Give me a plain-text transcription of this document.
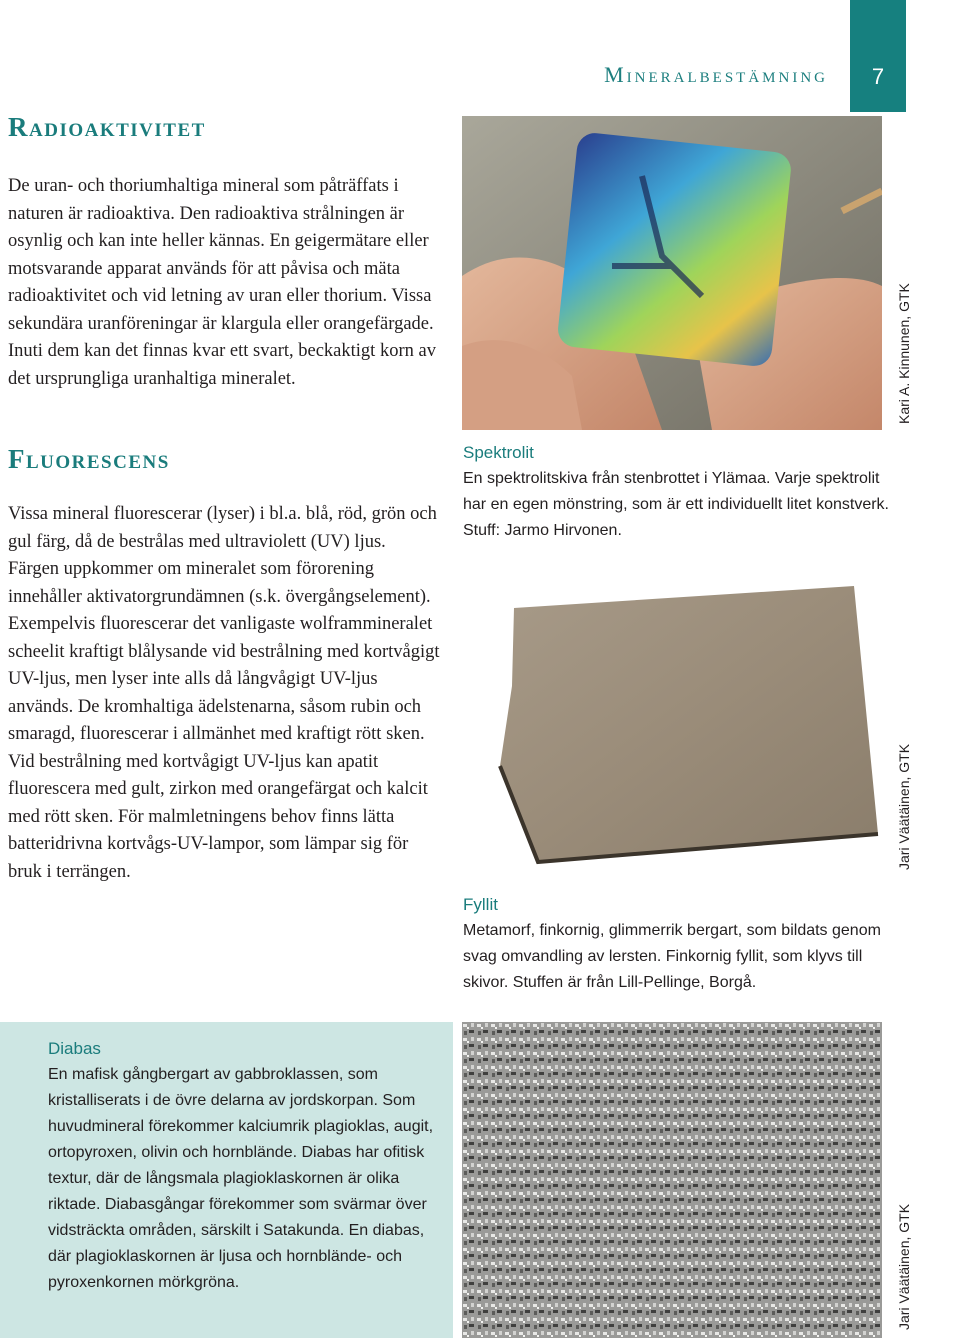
Mineralbestämning	7
Radioaktivitet

De uran- och thoriumhaltiga mineral som påträffats i naturen är radioaktiva. Den radioaktiva strålningen är osynlig och kan inte heller kännas. En geigermätare eller motsvarande apparat används för att påvisa och mäta radioaktivitet och vid letning av uran eller thorium. Vissa sekundära uranföreningar är klargula eller orangefärgade. Inuti dem kan det finnas kvar ett svart, beckaktigt korn av det ursprungliga uranhaltiga mineralet.

Fluorescens

Vissa mineral fluorescerar (lyser) i bl.a. blå, röd, grön och gul färg, då de bestrålas med ultraviolett (UV) ljus. Färgen uppkommer om mineralet som förorening innehåller aktivatorgrundämnen (s.k. övergångselement). Exempelvis fluorescerar det vanligaste wolframmineralet scheelit kraftigt blålysande vid bestrålning med kortvågigt UV-ljus, men lyser inte alls då långvågigt UV-ljus används. De kromhaltiga ädelstenarna, såsom rubin och smaragd, fluorescerar i allmänhet med kraftigt rött sken. Vid bestrålning med kortvågigt UV-ljus kan apatit fluorescera med gult, zirkon med orangefärgat och kalcit med rött sken. För malmletningens behov finns lätta batteridrivna kortvågs-UV-lampor, som lämpar sig för bruk i terrängen.

Kari A. Kinnunen, GTK

Spektrolit
En spektrolitskiva från stenbrottet i Ylämaa. Varje spektrolit har en egen mönstring, som är ett individuellt litet konstverk. Stuff: Jarmo Hirvonen.

Jari Väätäinen, GTK

Fyllit
Metamorf, finkornig, glimmerrik bergart, som bildats genom svag omvandling av lersten. Finkornig fyllit, som klyvs till skivor. Stuffen är från Lill-Pellinge, Borgå.

Diabas
En mafisk gångbergart av gabbroklassen, som kristalliserats i de övre delarna av jordskorpan. Som huvudmineral förekommer kalciumrik plagioklas, augit, ortopyroxen, olivin och hornblände. Diabas har ofitisk textur, där de långsmala plagioklaskornen är olika riktade. Diabasgångar förekommer som svärmar över vidsträckta områden, särskilt i Satakunda. En diabas, där plagioklaskornen är ljusa och hornblände- och pyroxenkornen mörkgröna.	Jari Väätäinen, GTK
